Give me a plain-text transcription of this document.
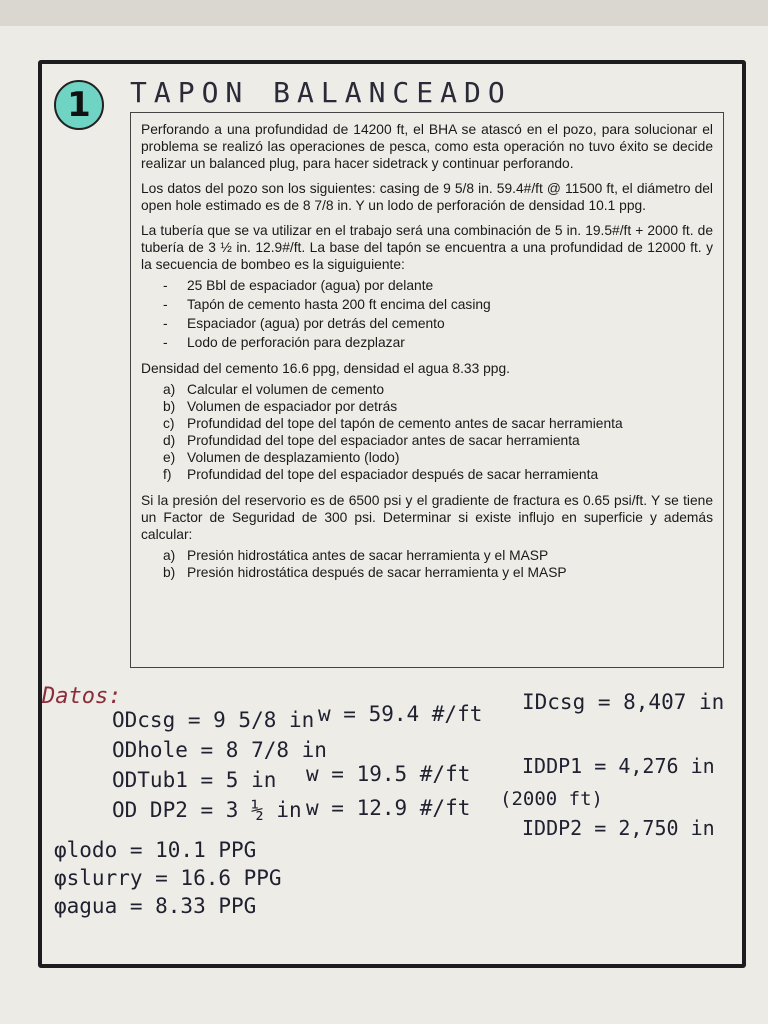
1 TAPON BALANCEADO

Perforando a una profundidad de 14200 ft, el BHA se atascó en el pozo, para solucionar el problema se realizó las operaciones de pesca, como esta operación no tuvo éxito se decide realizar un balanced plug, para hacer sidetrack y continuar perforando.

Los datos del pozo son los siguientes: casing de 9 5/8 in. 59.4#/ft @ 11500 ft, el diámetro del open hole estimado es de 8 7/8 in. Y un lodo de perforación de densidad 10.1 ppg.

La tubería que se va utilizar en el trabajo será una combinación de 5 in. 19.5#/ft + 2000 ft. de tubería de 3 ½ in. 12.9#/ft. La base del tapón se encuentra a una profundidad de 12000 ft. y la secuencia de bombeo es la siguiguiente:

- 25 Bbl de espaciador (agua) por delante
- Tapón de cemento hasta 200 ft encima del casing
- Espaciador (agua) por detrás del cemento
- Lodo de perforación para dezplazar

Densidad del cemento 16.6 ppg, densidad el agua 8.33 ppg.

a) Calcular el volumen de cemento
b) Volumen de espaciador por detrás
c) Profundidad del tope del tapón de cemento antes de sacar herramienta
d) Profundidad del tope del espaciador antes de sacar herramienta
e) Volumen de desplazamiento (lodo)
f) Profundidad del tope del espaciador después de sacar herramienta

Si la presión del reservorio es de 6500 psi y el gradiente de fractura es 0.65 psi/ft. Y se tiene un Factor de Seguridad de 300 psi. Determinar si existe influjo en superficie y además calcular:

a) Presión hidrostática antes de sacar herramienta y el MASP
b) Presión hidrostática después de sacar herramienta y el MASP
Datos:
ODcsg = 9 5/8 in
ODhole = 8 7/8 in
ODTub1 = 5 in
OD DP2 = 3 ½ in
w = 59.4 #/ft
w = 19.5 #/ft
w = 12.9 #/ft
IDcsg = 8,407 in
IDDP1 = 4,276 in
(2000 ft)
IDDP2 = 2,750 in
φlodo = 10.1 PPG
φslurry = 16.6 PPG
φagua = 8.33 PPG
